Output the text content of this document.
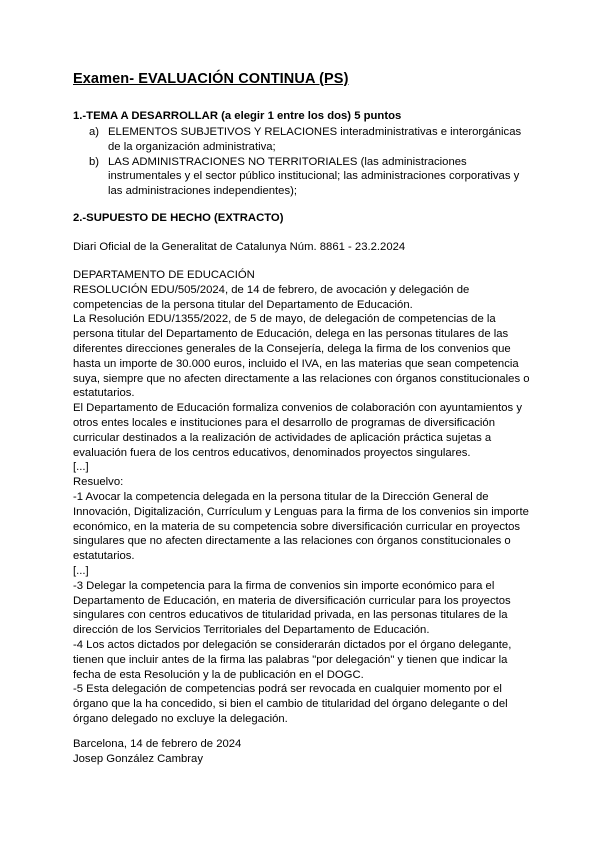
Examen- EVALUACIÓN CONTINUA (PS)
1.-TEMA A DESARROLLAR (a elegir 1 entre los dos) 5 puntos
a) ELEMENTOS SUBJETIVOS Y RELACIONES interadministrativas e interorgánicas de la organización administrativa;
b) LAS ADMINISTRACIONES NO TERRITORIALES (las administraciones instrumentales y el sector público institucional; las administraciones corporativas y las administraciones independientes);
2.-SUPUESTO DE HECHO (EXTRACTO)
Diari Oficial de la Generalitat de Catalunya Núm. 8861 - 23.2.2024

DEPARTAMENTO DE EDUCACIÓN

RESOLUCIÓN EDU/505/2024, de 14 de febrero, de avocación y delegación de competencias de la persona titular del Departamento de Educación.

La Resolución EDU/1355/2022, de 5 de mayo, de delegación de competencias de la persona titular del Departamento de Educación, delega en las personas titulares de las diferentes direcciones generales de la Consejería, delega la firma de los convenios que hasta un importe de 30.000 euros, incluido el IVA, en las materias que sean competencia suya, siempre que no afecten directamente a las relaciones con órganos constitucionales o estatutarios.

El Departamento de Educación formaliza convenios de colaboración con ayuntamientos y otros entes locales e instituciones para el desarrollo de programas de diversificación curricular destinados a la realización de actividades de aplicación práctica sujetas a evaluación fuera de los centros educativos, denominados proyectos singulares.

[...]

Resuelvo:

-1 Avocar la competencia delegada en la persona titular de la Dirección General de Innovación, Digitalización, Currículum y Lenguas para la firma de los convenios sin importe económico, en la materia de su competencia sobre diversificación curricular en proyectos singulares que no afecten directamente a las relaciones con órganos constitucionales o estatutarios.

[...]

-3 Delegar la competencia para la firma de convenios sin importe económico para el Departamento de Educación, en materia de diversificación curricular para los proyectos singulares con centros educativos de titularidad privada, en las personas titulares de la dirección de los Servicios Territoriales del Departamento de Educación.

-4 Los actos dictados por delegación se considerarán dictados por el órgano delegante, tienen que incluir antes de la firma las palabras "por delegación" y tienen que indicar la fecha de esta Resolución y la de publicación en el DOGC.

-5 Esta delegación de competencias podrá ser revocada en cualquier momento por el órgano que la ha concedido, si bien el cambio de titularidad del órgano delegante o del órgano delegado no excluye la delegación.

Barcelona, 14 de febrero de 2024

Josep González Cambray
